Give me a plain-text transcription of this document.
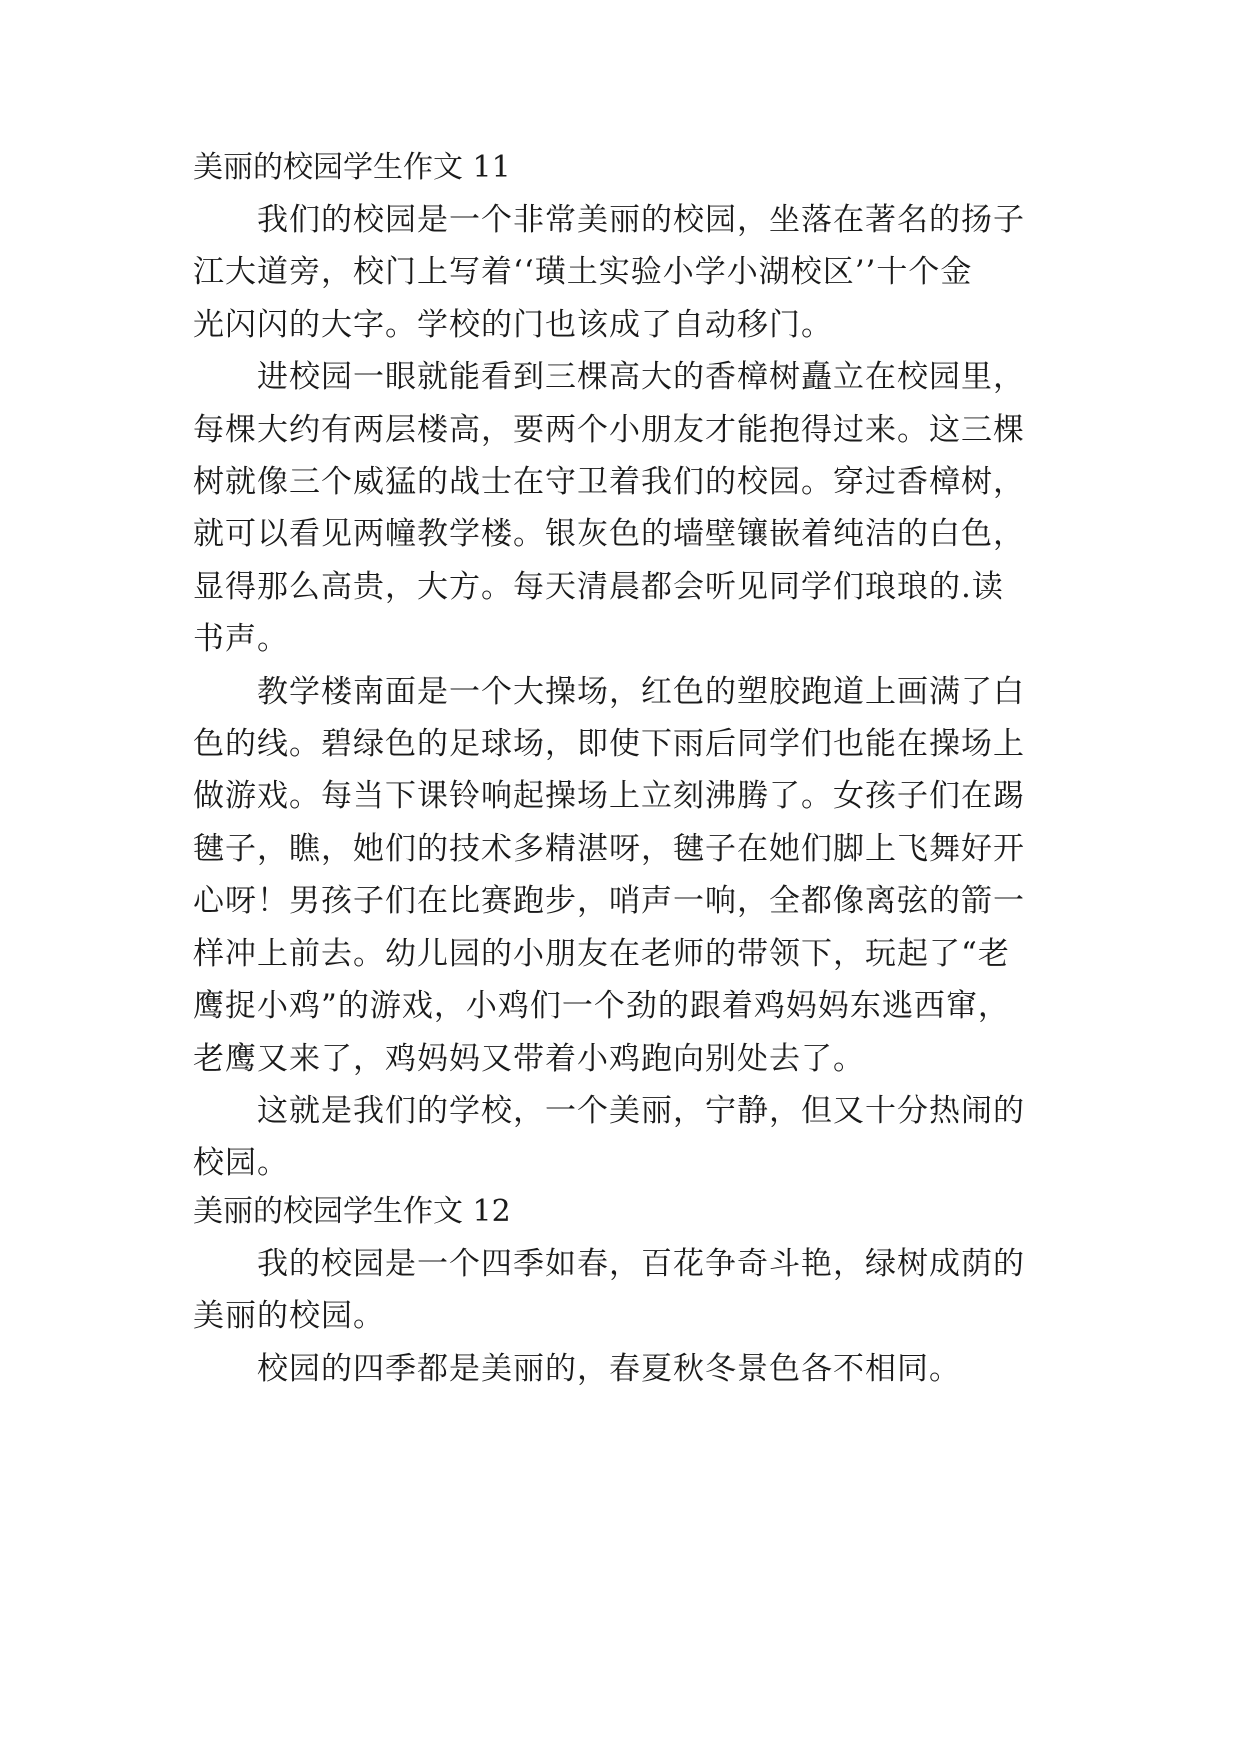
美丽的校园学生作文 11
我们的校园是一个非常美丽的校园，坐落在著名的扬子
江大道旁，校门上写着‘‘璜土实验小学小湖校区’’十个金
光闪闪的大字。学校的门也该成了自动移门。
进校园一眼就能看到三棵高大的香樟树矗立在校园里，
每棵大约有两层楼高，要两个小朋友才能抱得过来。这三棵
树就像三个威猛的战士在守卫着我们的校园。穿过香樟树，
就可以看见两幢教学楼。银灰色的墙壁镶嵌着纯洁的白色，
显得那么高贵，大方。每天清晨都会听见同学们琅琅的.读
书声。
教学楼南面是一个大操场，红色的塑胶跑道上画满了白
色的线。碧绿色的足球场，即使下雨后同学们也能在操场上
做游戏。每当下课铃响起操场上立刻沸腾了。女孩子们在踢
毽子，瞧，她们的技术多精湛呀，毽子在她们脚上飞舞好开
心呀！男孩子们在比赛跑步，哨声一响，全都像离弦的箭一
样冲上前去。幼儿园的小朋友在老师的带领下，玩起了“老
鹰捉小鸡”的游戏，小鸡们一个劲的跟着鸡妈妈东逃西窜，
老鹰又来了，鸡妈妈又带着小鸡跑向别处去了。
这就是我们的学校，一个美丽，宁静，但又十分热闹的
校园。
美丽的校园学生作文 12
我的校园是一个四季如春，百花争奇斗艳，绿树成荫的
美丽的校园。
校园的四季都是美丽的，春夏秋冬景色各不相同。
